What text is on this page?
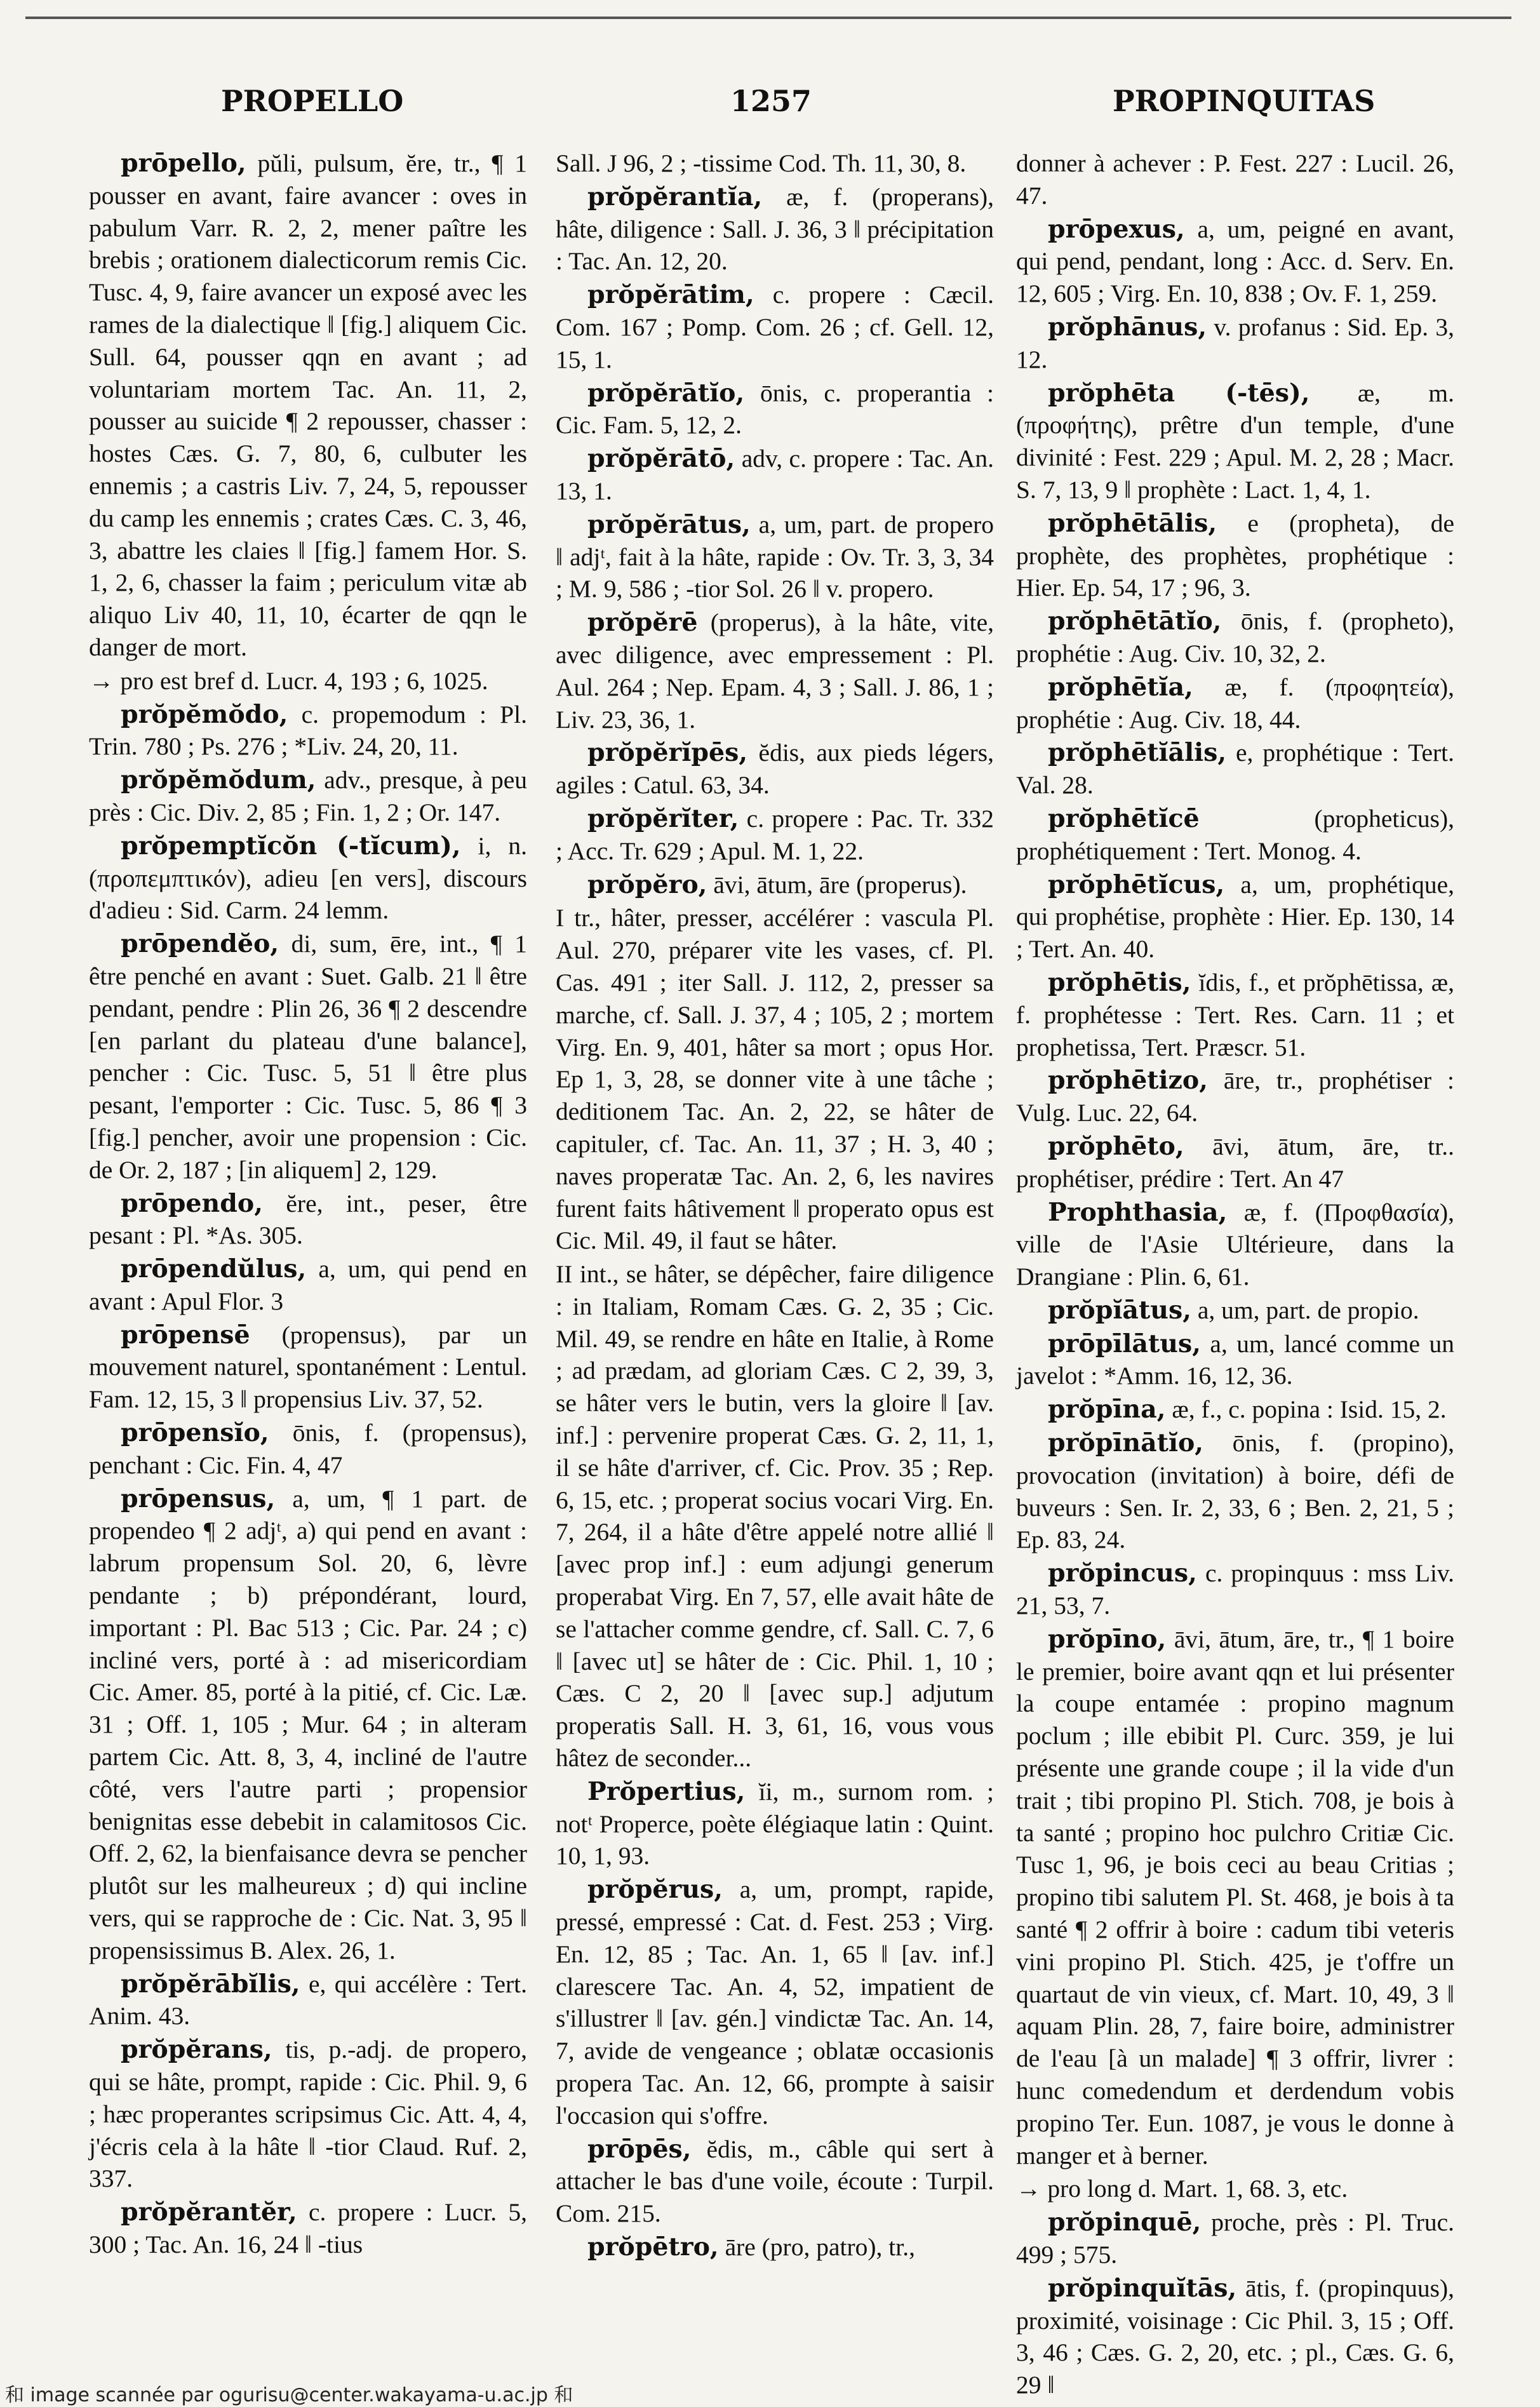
PROPELLO	1257	PROPINQUITAS

prōpello, pŭli, pulsum, ĕre, tr., ¶ 1 pousser en avant, faire avancer : oves in pabulum Varr. R. 2, 2, mener paître les brebis ; orationem dialecticorum remis Cic. Tusc. 4, 9, faire avancer un exposé avec les rames de la dialectique ‖ [fig.] aliquem Cic. Sull. 64, pousser qqn en avant ; ad voluntariam mortem Tac. An. 11, 2, pousser au suicide ¶ 2 repousser, chasser : hostes Cæs. G. 7, 80, 6, culbuter les ennemis ; a castris Liv. 7, 24, 5, repousser du camp les ennemis ; crates Cæs. C. 3, 46, 3, abattre les claies ‖ [fig.] famem Hor. S. 1, 2, 6, chasser la faim ; periculum vitæ ab aliquo Liv 40, 11, 10, écarter de qqn le danger de mort.

→ pro est bref d. Lucr. 4, 193 ; 6, 1025.

prŏpĕmŏdo, c. propemodum : Pl. Trin. 780 ; Ps. 276 ; *Liv. 24, 20, 11.

prŏpĕmŏdum, adv., presque, à peu près : Cic. Div. 2, 85 ; Fin. 1, 2 ; Or. 147.

prŏpemptĭcŏn (-tĭcum), i, n. (προπεμπτικόν), adieu [en vers], discours d'adieu : Sid. Carm. 24 lemm.

prōpendĕo, di, sum, ēre, int., ¶ 1 être penché en avant : Suet. Galb. 21 ‖ être pendant, pendre : Plin 26, 36 ¶ 2 descendre [en parlant du plateau d'une balance], pencher : Cic. Tusc. 5, 51 ‖ être plus pesant, l'emporter : Cic. Tusc. 5, 86 ¶ 3 [fig.] pencher, avoir une propension : Cic. de Or. 2, 187 ; [in aliquem] 2, 129.

prōpendo, ĕre, int., peser, être pesant : Pl. *As. 305.

prōpendŭlus, a, um, qui pend en avant : Apul Flor. 3

prōpensē (propensus), par un mouvement naturel, spontanément : Lentul. Fam. 12, 15, 3 ‖ propensius Liv. 37, 52.

prōpensĭo, ōnis, f. (propensus), penchant : Cic. Fin. 4, 47

prōpensus, a, um, ¶ 1 part. de propendeo ¶ 2 adjᵗ, a) qui pend en avant : labrum propensum Sol. 20, 6, lèvre pendante ; b) prépondérant, lourd, important : Pl. Bac 513 ; Cic. Par. 24 ; c) incliné vers, porté à : ad misericordiam Cic. Amer. 85, porté à la pitié, cf. Cic. Læ. 31 ; Off. 1, 105 ; Mur. 64 ; in alteram partem Cic. Att. 8, 3, 4, incliné de l'autre côté, vers l'autre parti ; propensior benignitas esse debebit in calamitosos Cic. Off. 2, 62, la bienfaisance devra se pencher plutôt sur les malheureux ; d) qui incline vers, qui se rapproche de : Cic. Nat. 3, 95 ‖ propensissimus B. Alex. 26, 1.

prŏpĕrābĭlis, e, qui accélère : Tert. Anim. 43.

prŏpĕrans, tis, p.-adj. de propero, qui se hâte, prompt, rapide : Cic. Phil. 9, 6 ; hæc properantes scripsimus Cic. Att. 4, 4, j'écris cela à la hâte ‖ -tior Claud. Ruf. 2, 337.

prŏpĕrantĕr, c. propere : Lucr. 5, 300 ; Tac. An. 16, 24 ‖ -tius

Sall. J 96, 2 ; -tissime Cod. Th. 11, 30, 8.

prŏpĕrantĭa, æ, f. (properans), hâte, diligence : Sall. J. 36, 3 ‖ précipitation : Tac. An. 12, 20.

prŏpĕrātim, c. propere : Cæcil. Com. 167 ; Pomp. Com. 26 ; cf. Gell. 12, 15, 1.

prŏpĕrātĭo, ōnis, c. properantia : Cic. Fam. 5, 12, 2.

prŏpĕrātō, adv, c. propere : Tac. An. 13, 1.

prŏpĕrātus, a, um, part. de propero ‖ adjᵗ, fait à la hâte, rapide : Ov. Tr. 3, 3, 34 ; M. 9, 586 ; -tior Sol. 26 ‖ v. propero.

prŏpĕrē (properus), à la hâte, vite, avec diligence, avec empressement : Pl. Aul. 264 ; Nep. Epam. 4, 3 ; Sall. J. 86, 1 ; Liv. 23, 36, 1.

prŏpĕrĭpēs, ĕdis, aux pieds légers, agiles : Catul. 63, 34.

prŏpĕrĭter, c. propere : Pac. Tr. 332 ; Acc. Tr. 629 ; Apul. M. 1, 22.

prŏpĕro, āvi, ātum, āre (properus).

I tr., hâter, presser, accélérer : vascula Pl. Aul. 270, préparer vite les vases, cf. Pl. Cas. 491 ; iter Sall. J. 112, 2, presser sa marche, cf. Sall. J. 37, 4 ; 105, 2 ; mortem Virg. En. 9, 401, hâter sa mort ; opus Hor. Ep 1, 3, 28, se donner vite à une tâche ; deditionem Tac. An. 2, 22, se hâter de capituler, cf. Tac. An. 11, 37 ; H. 3, 40 ; naves properatæ Tac. An. 2, 6, les navires furent faits hâtivement ‖ properato opus est Cic. Mil. 49, il faut se hâter.

II int., se hâter, se dépêcher, faire diligence : in Italiam, Romam Cæs. G. 2, 35 ; Cic. Mil. 49, se rendre en hâte en Italie, à Rome ; ad prædam, ad gloriam Cæs. C 2, 39, 3, se hâter vers le butin, vers la gloire ‖ [av. inf.] : pervenire properat Cæs. G. 2, 11, 1, il se hâte d'arriver, cf. Cic. Prov. 35 ; Rep. 6, 15, etc. ; properat socius vocari Virg. En. 7, 264, il a hâte d'être appelé notre allié ‖ [avec prop inf.] : eum adjungi generum properabat Virg. En 7, 57, elle avait hâte de se l'attacher comme gendre, cf. Sall. C. 7, 6 ‖ [avec ut] se hâter de : Cic. Phil. 1, 10 ; Cæs. C 2, 20 ‖ [avec sup.] adjutum properatis Sall. H. 3, 61, 16, vous vous hâtez de seconder...

Prŏpertius, ĭi, m., surnom rom. ; notᵗ Properce, poète élégiaque latin : Quint. 10, 1, 93.

prŏpĕrus, a, um, prompt, rapide, pressé, empressé : Cat. d. Fest. 253 ; Virg. En. 12, 85 ; Tac. An. 1, 65 ‖ [av. inf.] clarescere Tac. An. 4, 52, impatient de s'illustrer ‖ [av. gén.] vindictæ Tac. An. 14, 7, avide de vengeance ; oblatæ occasionis propera Tac. An. 12, 66, prompte à saisir l'occasion qui s'offre.

prōpēs, ĕdis, m., câble qui sert à attacher le bas d'une voile, écoute : Turpil. Com. 215.

prŏpētro, āre (pro, patro), tr.,

donner à achever : P. Fest. 227 : Lucil. 26, 47.

prōpexus, a, um, peigné en avant, qui pend, pendant, long : Acc. d. Serv. En. 12, 605 ; Virg. En. 10, 838 ; Ov. F. 1, 259.

prŏphānus, v. profanus : Sid. Ep. 3, 12.

prŏphēta (-tēs), æ, m. (προφήτης), prêtre d'un temple, d'une divinité : Fest. 229 ; Apul. M. 2, 28 ; Macr. S. 7, 13, 9 ‖ prophète : Lact. 1, 4, 1.

prŏphētālis, e (propheta), de prophète, des prophètes, prophétique : Hier. Ep. 54, 17 ; 96, 3.

prŏphētātĭo, ōnis, f. (propheto), prophétie : Aug. Civ. 10, 32, 2.

prŏphētĭa, æ, f. (προφητεία), prophétie : Aug. Civ. 18, 44.

prŏphētĭālis, e, prophétique : Tert. Val. 28.

prŏphētĭcē (propheticus), prophétiquement : Tert. Monog. 4.

prŏphētĭcus, a, um, prophétique, qui prophétise, prophète : Hier. Ep. 130, 14 ; Tert. An. 40.

prŏphētis, ĭdis, f., et prŏphētissa, æ, f. prophétesse : Tert. Res. Carn. 11 ; et prophetissa, Tert. Præscr. 51.

prŏphētizo, āre, tr., prophétiser : Vulg. Luc. 22, 64.

prŏphēto, āvi, ātum, āre, tr.. prophétiser, prédire : Tert. An 47

Prophthasia, æ, f. (Προφθασία), ville de l'Asie Ultérieure, dans la Drangiane : Plin. 6, 61.

prŏpĭātus, a, um, part. de propio.

prōpīlātus, a, um, lancé comme un javelot : *Amm. 16, 12, 36.

prŏpīna, æ, f., c. popina : Isid. 15, 2.

prŏpīnātĭo, ōnis, f. (propino), provocation (invitation) à boire, défi de buveurs : Sen. Ir. 2, 33, 6 ; Ben. 2, 21, 5 ; Ep. 83, 24.

prŏpincus, c. propinquus : mss Liv. 21, 53, 7.

prŏpīno, āvi, ātum, āre, tr., ¶ 1 boire le premier, boire avant qqn et lui présenter la coupe entamée : propino magnum poclum ; ille ebibit Pl. Curc. 359, je lui présente une grande coupe ; il la vide d'un trait ; tibi propino Pl. Stich. 708, je bois à ta santé ; propino hoc pulchro Critiæ Cic. Tusc 1, 96, je bois ceci au beau Critias ; propino tibi salutem Pl. St. 468, je bois à ta santé ¶ 2 offrir à boire : cadum tibi veteris vini propino Pl. Stich. 425, je t'offre un quartaut de vin vieux, cf. Mart. 10, 49, 3 ‖ aquam Plin. 28, 7, faire boire, administrer de l'eau [à un malade] ¶ 3 offrir, livrer : hunc comedendum et derdendum vobis propino Ter. Eun. 1087, je vous le donne à manger et à berner.

→ pro long d. Mart. 1, 68. 3, etc.

prŏpinquē, proche, près : Pl. Truc. 499 ; 575.

prŏpinquĭtās, ātis, f. (propinquus), proximité, voisinage : Cic Phil. 3, 15 ; Off. 3, 46 ; Cæs. G. 2, 20, etc. ; pl., Cæs. G. 6, 29 ‖

和 image scannée par ogurisu@center.wakayama-u.ac.jp 和
